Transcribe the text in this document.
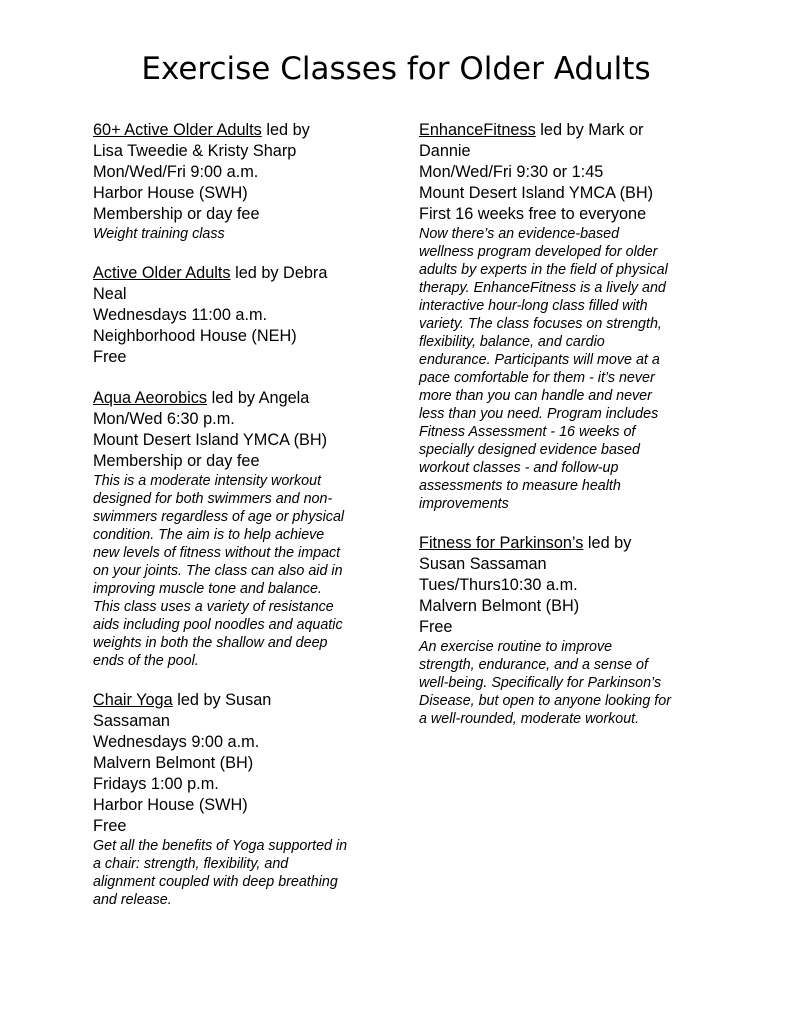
Exercise Classes for Older Adults
60+ Active Older Adults led by
Lisa Tweedie & Kristy Sharp
Mon/Wed/Fri 9:00 a.m.
Harbor House (SWH)
Membership or day fee
Weight training class
Active Older Adults led by Debra
Neal
Wednesdays 11:00 a.m.
Neighborhood House (NEH)
Free
Aqua Aeorobics led by Angela
Mon/Wed 6:30 p.m.
Mount Desert Island YMCA (BH)
Membership or day fee
This is a moderate intensity workout
designed for both swimmers and non-
swimmers regardless of age or physical
condition. The aim is to help achieve
new levels of fitness without the impact
on your joints. The class can also aid in
improving muscle tone and balance.
This class uses a variety of resistance
aids including pool noodles and aquatic
weights in both the shallow and deep
ends of the pool.
Chair Yoga led by Susan
Sassaman
Wednesdays 9:00 a.m.
Malvern Belmont (BH)
Fridays 1:00 p.m.
Harbor House (SWH)
Free
Get all the benefits of Yoga supported in
a chair: strength, flexibility, and
alignment coupled with deep breathing
and release.
EnhanceFitness led by Mark or
Dannie
Mon/Wed/Fri 9:30 or 1:45
Mount Desert Island YMCA (BH)
First 16 weeks free to everyone
Now there’s an evidence-based
wellness program developed for older
adults by experts in the field of physical
therapy. EnhanceFitness is a lively and
interactive hour-long class filled with
variety. The class focuses on strength,
flexibility, balance, and cardio
endurance. Participants will move at a
pace comfortable for them - it’s never
more than you can handle and never
less than you need. Program includes
Fitness Assessment - 16 weeks of
specially designed evidence based
workout classes - and follow-up
assessments to measure health
improvements
Fitness for Parkinson’s led by
Susan Sassaman
Tues/Thurs10:30 a.m.
Malvern Belmont (BH)
Free
An exercise routine to improve
strength, endurance, and a sense of
well-being. Specifically for Parkinson’s
Disease, but open to anyone looking for
a well-rounded, moderate workout.
